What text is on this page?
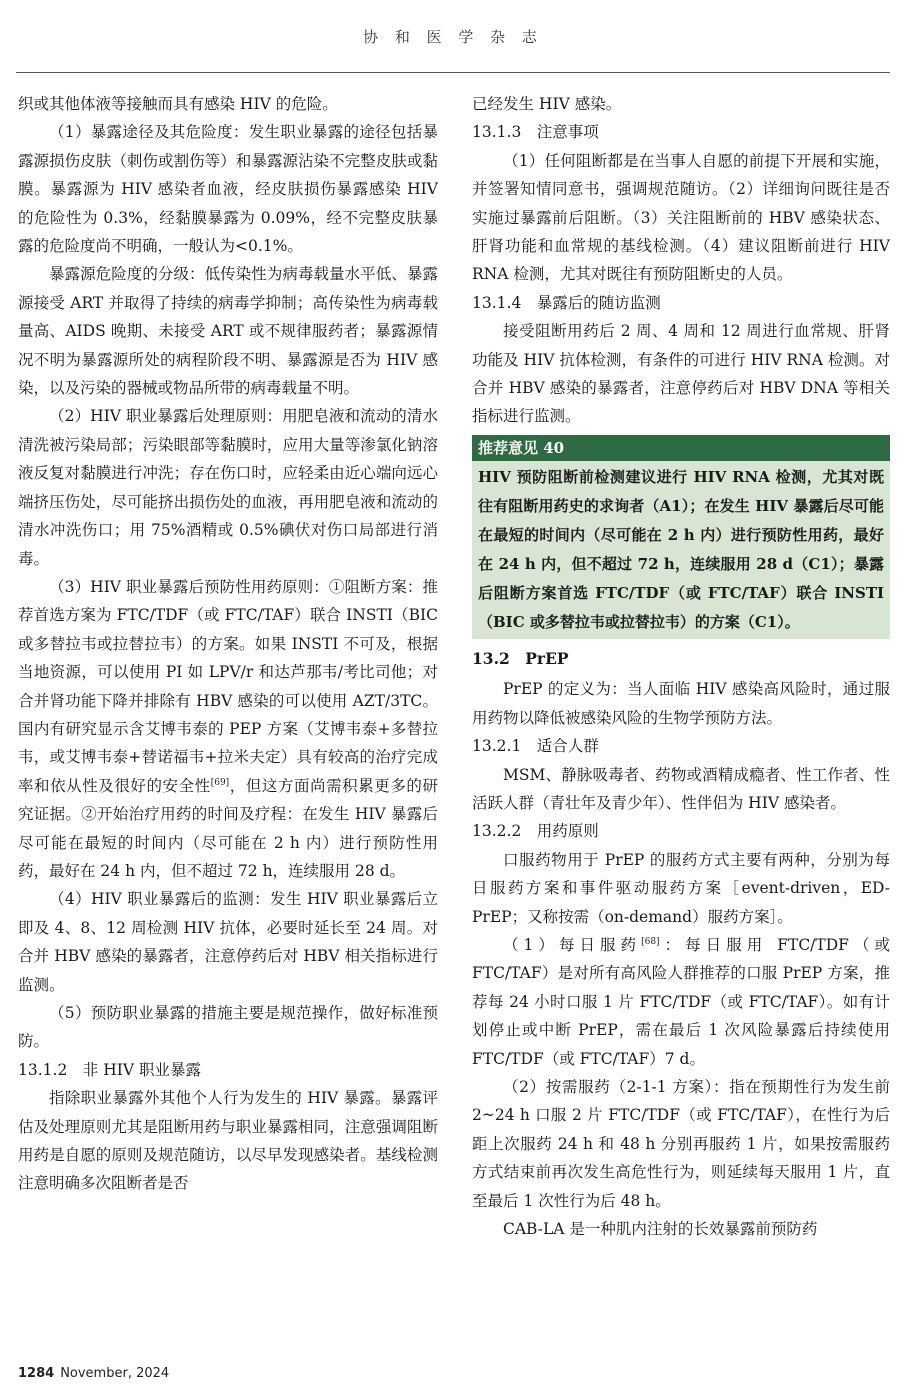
协 和 医 学 杂 志

织或其他体液等接触而具有感染 HIV 的危险。

（1）暴露途径及其危险度：发生职业暴露的途径包括暴露源损伤皮肤（刺伤或割伤等）和暴露源沾染不完整皮肤或黏膜。暴露源为 HIV 感染者血液，经皮肤损伤暴露感染 HIV 的危险性为 0.3%，经黏膜暴露为 0.09%，经不完整皮肤暴露的危险度尚不明确，一般认为<0.1%。

暴露源危险度的分级：低传染性为病毒载量水平低、暴露源接受 ART 并取得了持续的病毒学抑制；高传染性为病毒载量高、AIDS 晚期、未接受 ART 或不规律服药者；暴露源情况不明为暴露源所处的病程阶段不明、暴露源是否为 HIV 感染，以及污染的器械或物品所带的病毒载量不明。

（2）HIV 职业暴露后处理原则：用肥皂液和流动的清水清洗被污染局部；污染眼部等黏膜时，应用大量等渗氯化钠溶液反复对黏膜进行冲洗；存在伤口时，应轻柔由近心端向远心端挤压伤处，尽可能挤出损伤处的血液，再用肥皂液和流动的清水冲洗伤口；用 75%酒精或 0.5%碘伏对伤口局部进行消毒。

（3）HIV 职业暴露后预防性用药原则：①阻断方案：推荐首选方案为 FTC/TDF（或 FTC/TAF）联合 INSTI（BIC 或多替拉韦或拉替拉韦）的方案。如果 INSTI 不可及，根据当地资源，可以使用 PI 如 LPV/r 和达芦那韦/考比司他；对合并肾功能下降并排除有 HBV 感染的可以使用 AZT/3TC。国内有研究显示含艾博韦泰的 PEP 方案（艾博韦泰+多替拉韦，或艾博韦泰+替诺福韦+拉米夫定）具有较高的治疗完成率和依从性及很好的安全性[69]，但这方面尚需积累更多的研究证据。②开始治疗用药的时间及疗程：在发生 HIV 暴露后尽可能在最短的时间内（尽可能在 2 h 内）进行预防性用药，最好在 24 h 内，但不超过 72 h，连续服用 28 d。

（4）HIV 职业暴露后的监测：发生 HIV 职业暴露后立即及 4、8、12 周检测 HIV 抗体，必要时延长至 24 周。对合并 HBV 感染的暴露者，注意停药后对 HBV 相关指标进行监测。

（5）预防职业暴露的措施主要是规范操作，做好标准预防。

13.1.2　非 HIV 职业暴露

指除职业暴露外其他个人行为发生的 HIV 暴露。暴露评估及处理原则尤其是阻断用药与职业暴露相同，注意强调阻断用药是自愿的原则及规范随访，以尽早发现感染者。基线检测注意明确多次阻断者是否

已经发生 HIV 感染。

13.1.3　注意事项

（1）任何阻断都是在当事人自愿的前提下开展和实施，并签署知情同意书，强调规范随访。（2）详细询问既往是否实施过暴露前后阻断。（3）关注阻断前的 HBV 感染状态、肝肾功能和血常规的基线检测。（4）建议阻断前进行 HIV RNA 检测，尤其对既往有预防阻断史的人员。

13.1.4　暴露后的随访监测

接受阻断用药后 2 周、4 周和 12 周进行血常规、肝肾功能及 HIV 抗体检测，有条件的可进行 HIV RNA 检测。对合并 HBV 感染的暴露者，注意停药后对 HBV DNA 等相关指标进行监测。

推荐意见 40
HIV 预防阻断前检测建议进行 HIV RNA 检测，尤其对既往有阻断用药史的求询者（A1）；在发生 HIV 暴露后尽可能在最短的时间内（尽可能在 2 h 内）进行预防性用药，最好在 24 h 内，但不超过 72 h，连续服用 28 d（C1）；暴露后阻断方案首选 FTC/TDF（或 FTC/TAF）联合 INSTI（BIC 或多替拉韦或拉替拉韦）的方案（C1）。

13.2　PrEP

PrEP 的定义为：当人面临 HIV 感染高风险时，通过服用药物以降低被感染风险的生物学预防方法。

13.2.1　适合人群

MSM、静脉吸毒者、药物或酒精成瘾者、性工作者、性活跃人群（青壮年及青少年）、性伴侣为 HIV 感染者。

13.2.2　用药原则

口服药物用于 PrEP 的服药方式主要有两种，分别为每日服药方案和事件驱动服药方案［event-driven，ED-PrEP；又称按需（on-demand）服药方案］。

（1）每日服药[68]：每日服用 FTC/TDF（或 FTC/TAF）是对所有高风险人群推荐的口服 PrEP 方案，推荐每 24 小时口服 1 片 FTC/TDF（或 FTC/TAF）。如有计划停止或中断 PrEP，需在最后 1 次风险暴露后持续使用 FTC/TDF（或 FTC/TAF）7 d。

（2）按需服药（2-1-1 方案）：指在预期性行为发生前 2~24 h 口服 2 片 FTC/TDF（或 FTC/TAF），在性行为后距上次服药 24 h 和 48 h 分别再服药 1 片，如果按需服药方式结束前再次发生高危性行为，则延续每天服用 1 片，直至最后 1 次性行为后 48 h。

CAB-LA 是一种肌内注射的长效暴露前预防药

1284 November, 2024
